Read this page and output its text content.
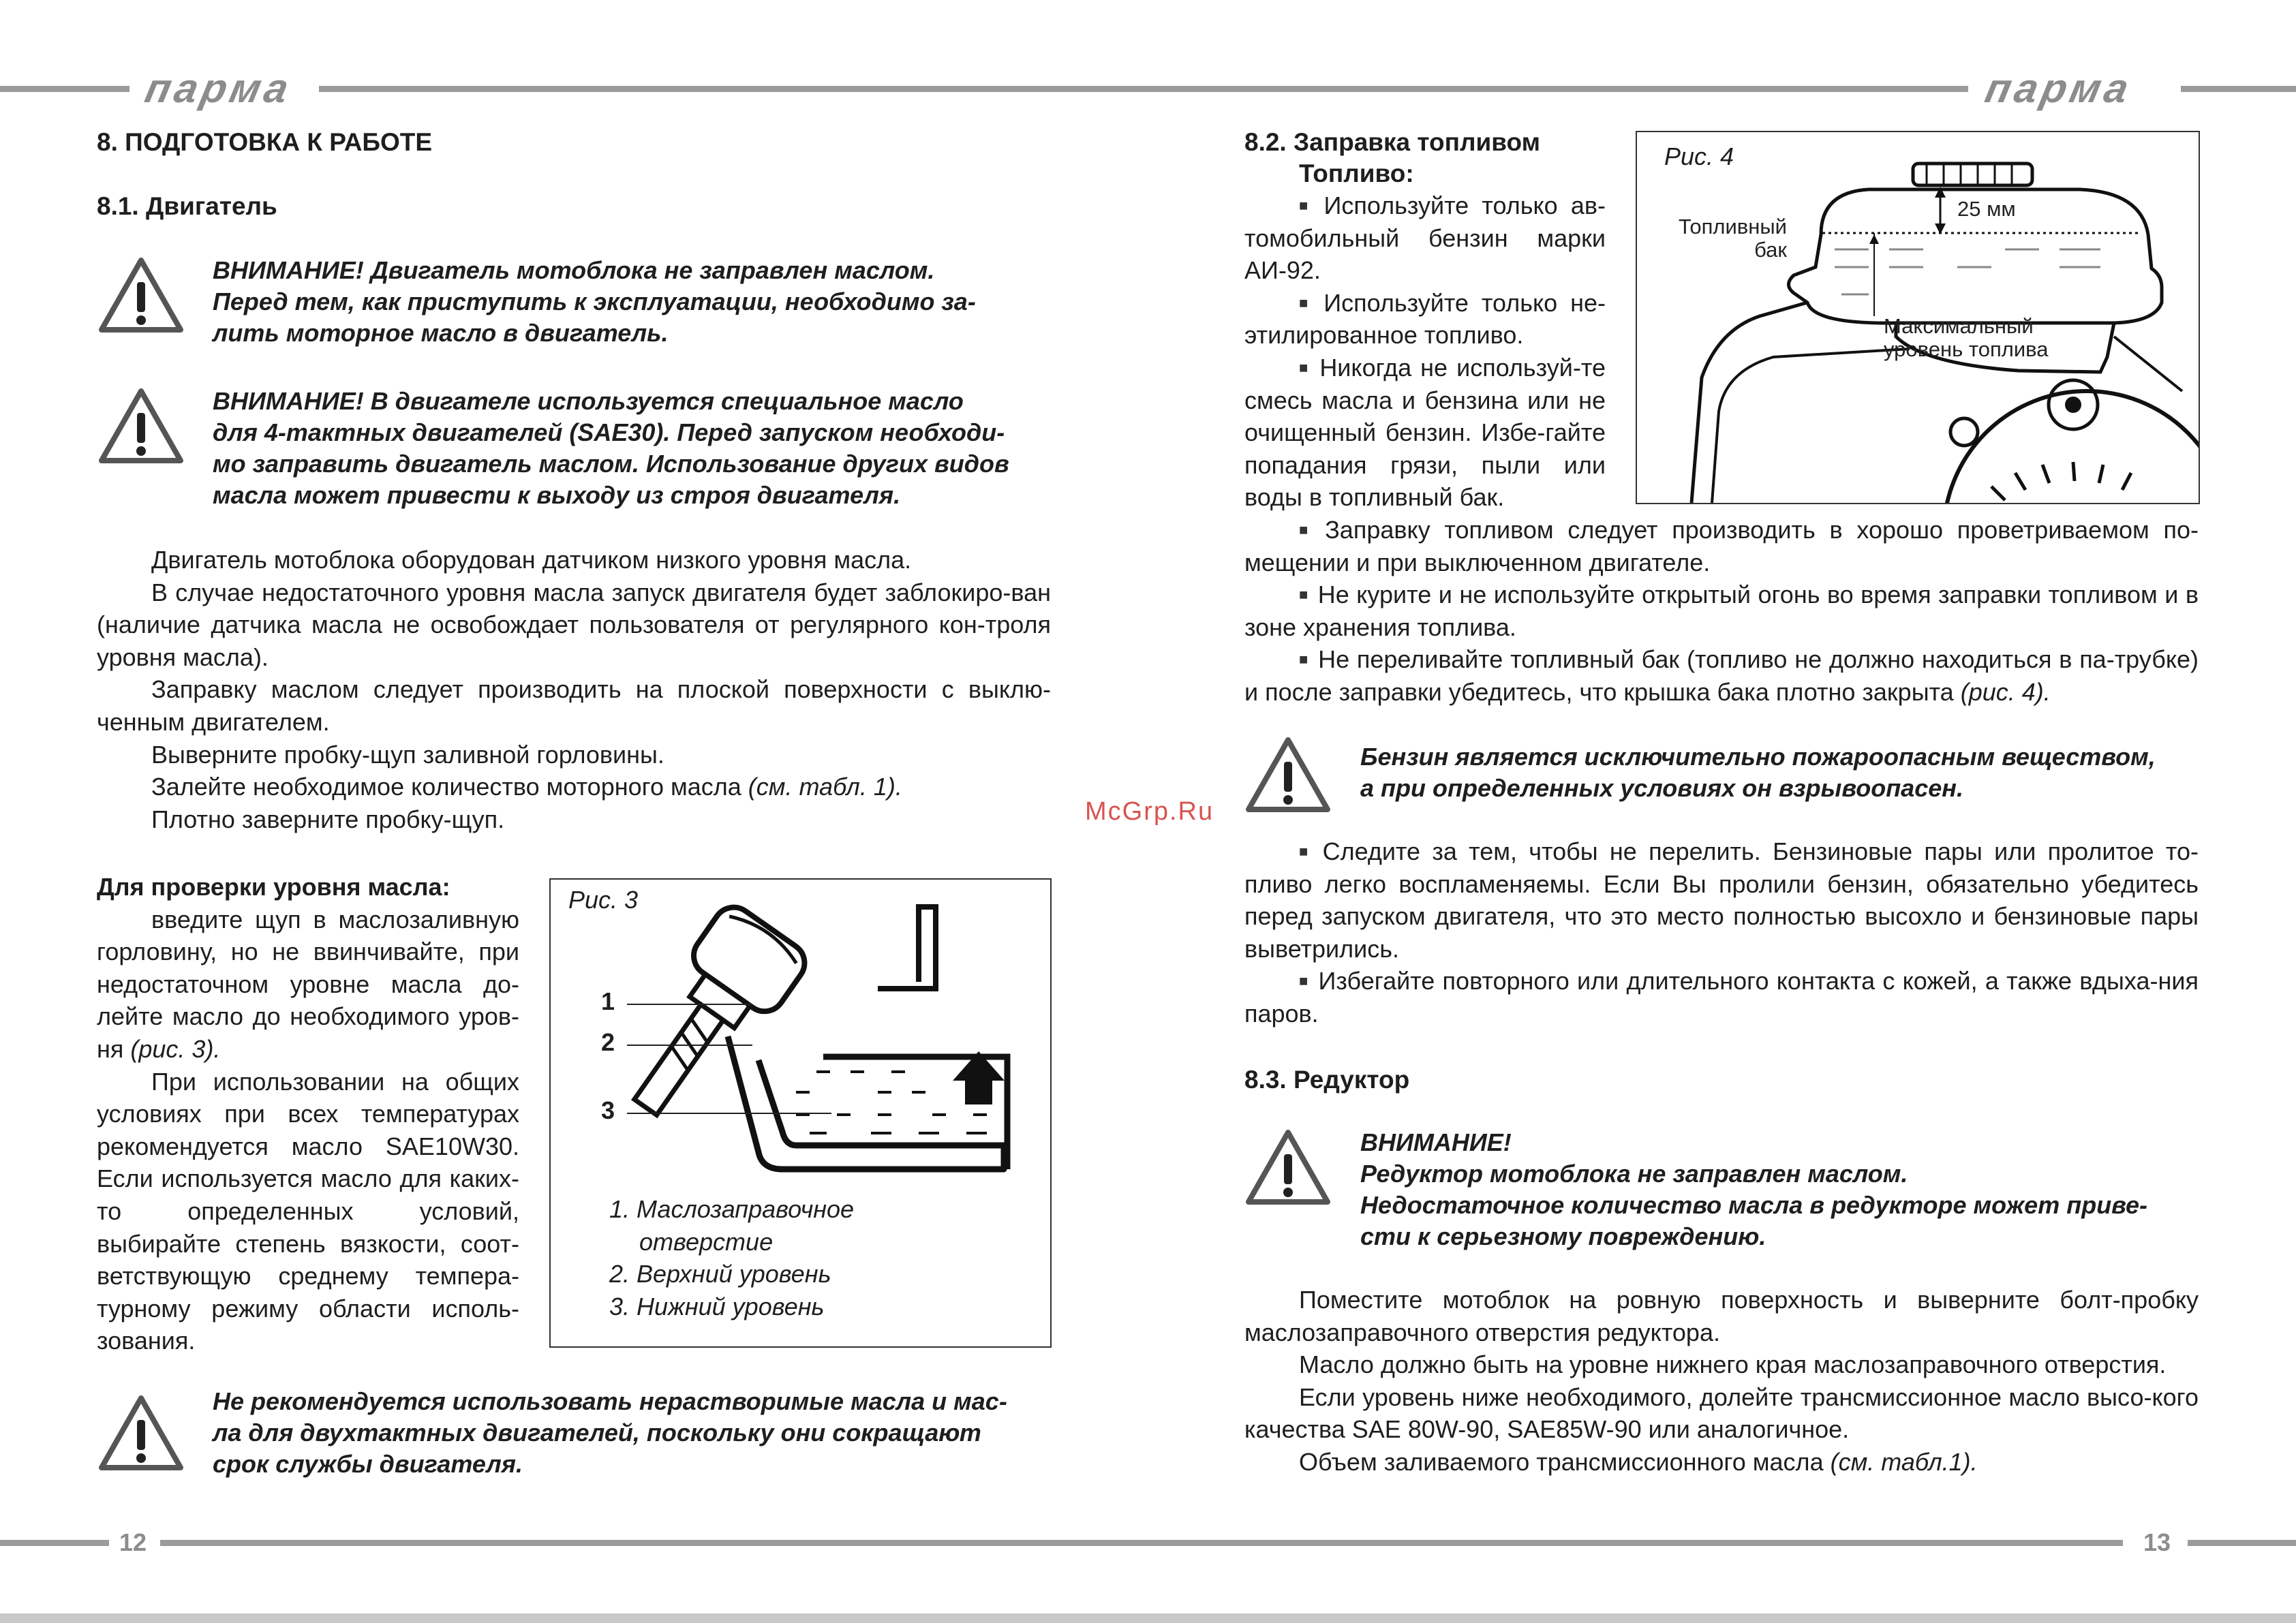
парма	парма
12	13
McGrp.Ru
8. ПОДГОТОВКА К РАБОТЕ
8.1. Двигатель

ВНИМАНИЕ! Двигатель мотоблока не заправлен маслом.

Перед тем, как приступить к эксплуатации, необходимо за-

лить моторное масло в двигатель.

ВНИМАНИЕ! В двигателе используется специальное масло

для 4-тактных двигателей (SAE30). Перед запуском необходи-

мо заправить двигатель маслом. Использование других видов

масла может привести к выходу из строя двигателя.

Двигатель мотоблока оборудован датчиком низкого уровня масла.

В случае недостаточного уровня масла запуск двигателя будет заблокиро-ван (наличие датчика масла не освобождает пользователя от регулярного кон-троля уровня масла).

Заправку маслом следует производить на плоской поверхности с выклю-ченным двигателем.

Выверните пробку-щуп заливной горловины.

Залейте необходимое количество моторного масла (см. табл. 1).

Плотно заверните пробку-щуп.

Для проверки уровня масла:

введите щуп в маслозаливную горловину, но не ввинчивайте, при недостаточном уровне масла до-лейте масло до необходимого уров-ня (рис. 3).

При использовании на общих условиях при всех температурах рекомендуется масло SAE10W30. Если используется масло для каких-то определенных условий, выбирайте степень вязкости, соот-ветствующую среднему темпера-турному режиму области исполь-зования.

Рис. 3
1
2
3
1. Маслозаправочное
отверстие
2. Верхний уровень
3. Нижний уровень

Не рекомендуется использовать нерастворимые масла и мас-

ла для двухтактных двигателей, поскольку они сокращают

срок службы двигателя.

8.2. Заправка топливом
Топливо:

■ Используйте только ав-томобильный бензин марки АИ-92.

■ Используйте только не-этилированное топливо.

■ Никогда не используй-те смесь масла и бензина или не очищенный бензин. Избе-гайте попадания грязи, пыли или воды в топливный бак.

Рис. 4
25 мм
Топливный
бак
Максимальный
уровень топлива

■ Заправку топливом следует производить в хорошо проветриваемом по-мещении и при выключенном двигателе.

■ Не курите и не используйте открытый огонь во время заправки топливом и в зоне хранения топлива.

■ Не переливайте топливный бак (топливо не должно находиться в па-трубке) и после заправки убедитесь, что крышка бака плотно закрыта (рис. 4).

Бензин является исключительно пожароопасным веществом,

а при определенных условиях он взрывоопасен.

■ Следите за тем, чтобы не перелить. Бензиновые пары или пролитое то-пливо легко воспламеняемы. Если Вы пролили бензин, обязательно убедитесь перед запуском двигателя, что это место полностью высохло и бензиновые пары выветрились.

■ Избегайте повторного или длительного контакта с кожей, а также вдыха-ния паров.

8.3. Редуктор

ВНИМАНИЕ!

Редуктор мотоблока не заправлен маслом.

Недостаточное количество масла в редукторе может приве-

сти к серьезному повреждению.

Поместите мотоблок на ровную поверхность и выверните болт-пробку маслозаправочного отверстия редуктора.

Масло должно быть на уровне нижнего края маслозаправочного отверстия.

Если уровень ниже необходимого, долейте трансмиссионное масло высо-кого качества SAE 80W-90, SAE85W-90 или аналогичное.

Объем заливаемого трансмиссионного масла (см. табл.1).
